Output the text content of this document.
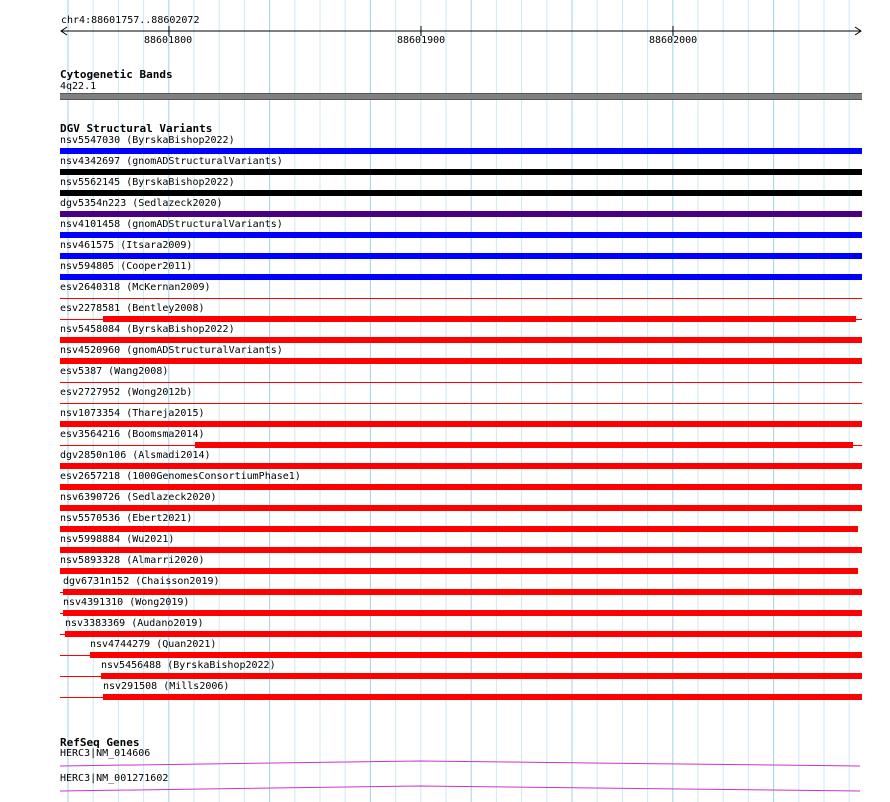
chr4:88601757..88602072
88601800	88601900	88602000
Cytogenetic Bands
4q22.1
DGV Structural Variants
nsv5547030 (ByrskaBishop2022)
nsv4342697 (gnomADStructuralVariants)
nsv5562145 (ByrskaBishop2022)
dgv5354n223 (Sedlazeck2020)
nsv4101458 (gnomADStructuralVariants)
nsv461575 (Itsara2009)
nsv594805 (Cooper2011)
esv2640318 (McKernan2009)
esv2278581 (Bentley2008)
nsv5458084 (ByrskaBishop2022)
nsv4520960 (gnomADStructuralVariants)
esv5387 (Wang2008)
esv2727952 (Wong2012b)
nsv1073354 (Thareja2015)
esv3564216 (Boomsma2014)
dgv2850n106 (Alsmadi2014)
esv2657218 (1000GenomesConsortiumPhase1)
nsv6390726 (Sedlazeck2020)
nsv5570536 (Ebert2021)
nsv5998884 (Wu2021)
nsv5893328 (Almarri2020)
dgv6731n152 (Chaisson2019)
nsv4391310 (Wong2019)
nsv3383369 (Audano2019)
nsv4744279 (Quan2021)
nsv5456488 (ByrskaBishop2022)
nsv291508 (Mills2006)
RefSeq Genes
HERC3|NM_014606
HERC3|NM_001271602
